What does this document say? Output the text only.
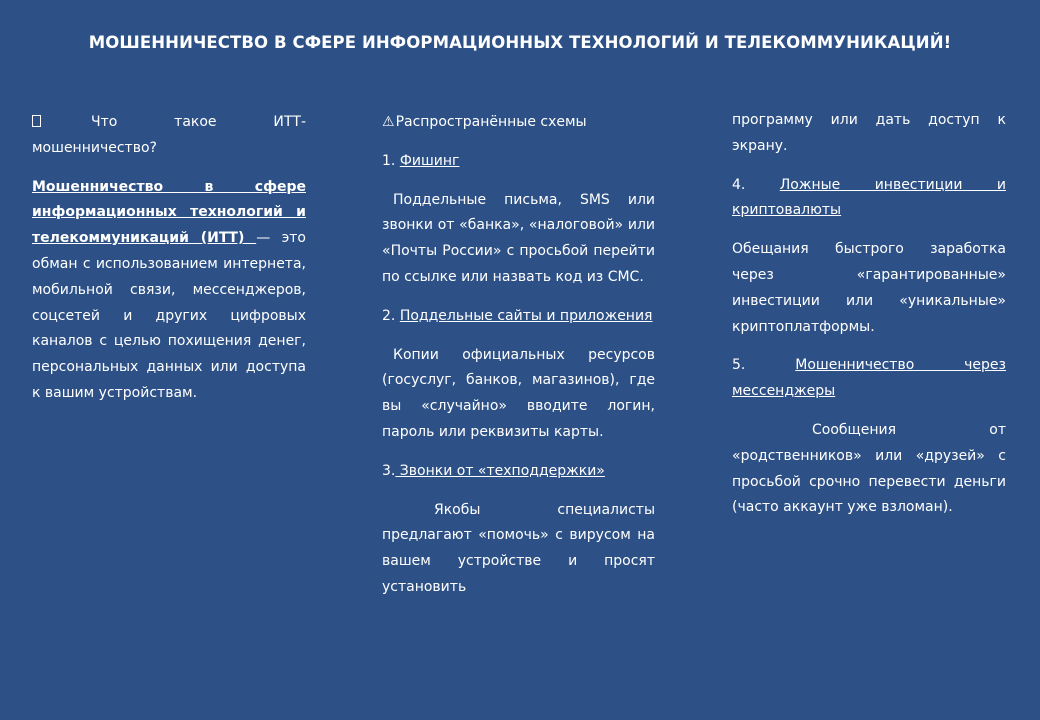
МОШЕННИЧЕСТВО В СФЕРЕ ИНФОРМАЦИОННЫХ ТЕХНОЛОГИЙ И ТЕЛЕКОММУНИКАЦИЙ!

Что такое ИТТ-мошенничество?

Мошенничество в сфере информационных технологий и телекоммуникаций (ИТТ) — это обман с использованием интернета, мобильной связи, мессенджеров, соцсетей и других цифровых каналов с целью похищения денег, персональных данных или доступа к вашим устройствам.

⚠Распространённые схемы

1. Фишинг

Поддельные письма, SMS или звонки от «банка», «налоговой» или «Почты России» с просьбой перейти по ссылке или назвать код из СМС.

2. Поддельные сайты и приложения

Копии официальных ресурсов (госуслуг, банков, магазинов), где вы «случайно» вводите логин, пароль или реквизиты карты.

3. Звонки от «техподдержки»

Якобы специалисты предлагают «помочь» с вирусом на вашем устройстве и просят установить

программу или дать доступ к экрану.

4. Ложные инвестиции и криптовалюты

Обещания быстрого заработка через «гарантированные» инвестиции или «уникальные» криптоплатформы.

5. Мошенничество через мессенджеры

Сообщения от «родственников» или «друзей» с просьбой срочно перевести деньги (часто аккаунт уже взломан).
